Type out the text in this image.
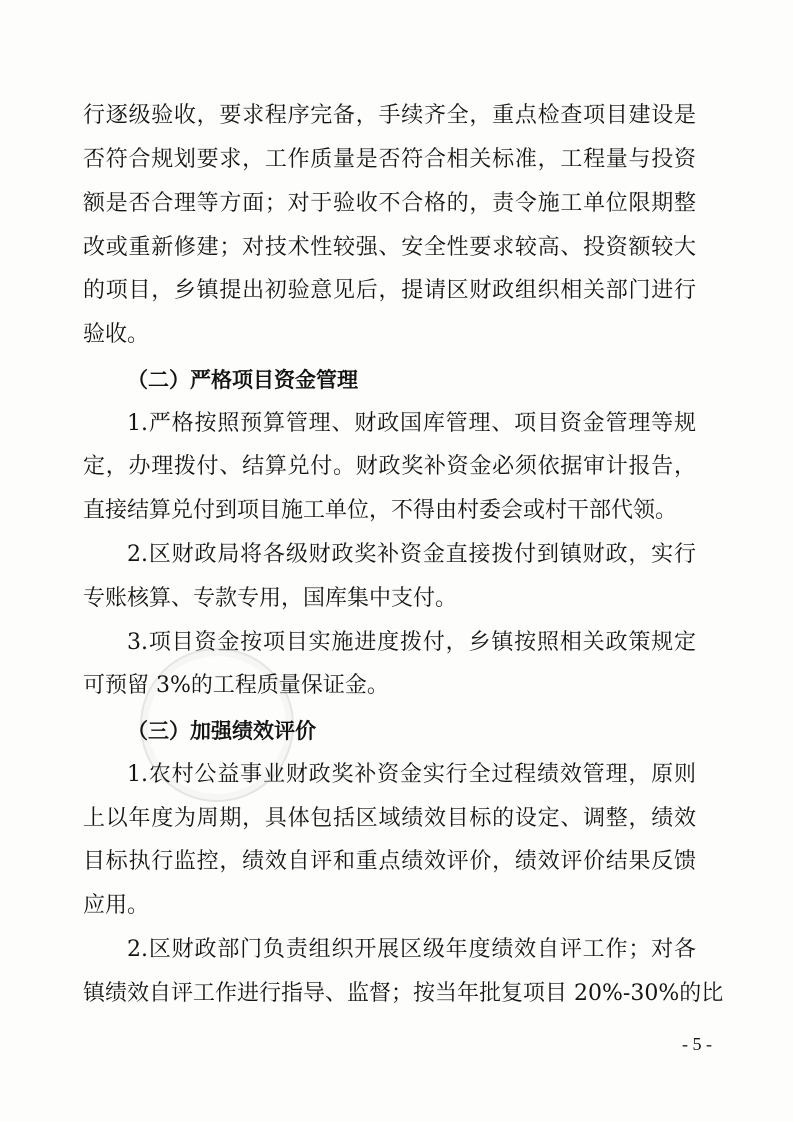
行逐级验收，要求程序完备，手续齐全，重点检查项目建设是

否符合规划要求，工作质量是否符合相关标准，工程量与投资

额是否合理等方面；对于验收不合格的，责令施工单位限期整

改或重新修建；对技术性较强、安全性要求较高、投资额较大

的项目，乡镇提出初验意见后，提请区财政组织相关部门进行

验收。

（二）严格项目资金管理

1.严格按照预算管理、财政国库管理、项目资金管理等规

定，办理拨付、结算兑付。财政奖补资金必须依据审计报告，

直接结算兑付到项目施工单位，不得由村委会或村干部代领。

2.区财政局将各级财政奖补资金直接拨付到镇财政，实行

专账核算、专款专用，国库集中支付。

3.项目资金按项目实施进度拨付，乡镇按照相关政策规定

可预留 3%的工程质量保证金。

（三）加强绩效评价

1.农村公益事业财政奖补资金实行全过程绩效管理，原则

上以年度为周期，具体包括区域绩效目标的设定、调整，绩效

目标执行监控，绩效自评和重点绩效评价，绩效评价结果反馈

应用。

2.区财政部门负责组织开展区级年度绩效自评工作；对各

镇绩效自评工作进行指导、监督；按当年批复项目 20%-30%的比

- 5 -
